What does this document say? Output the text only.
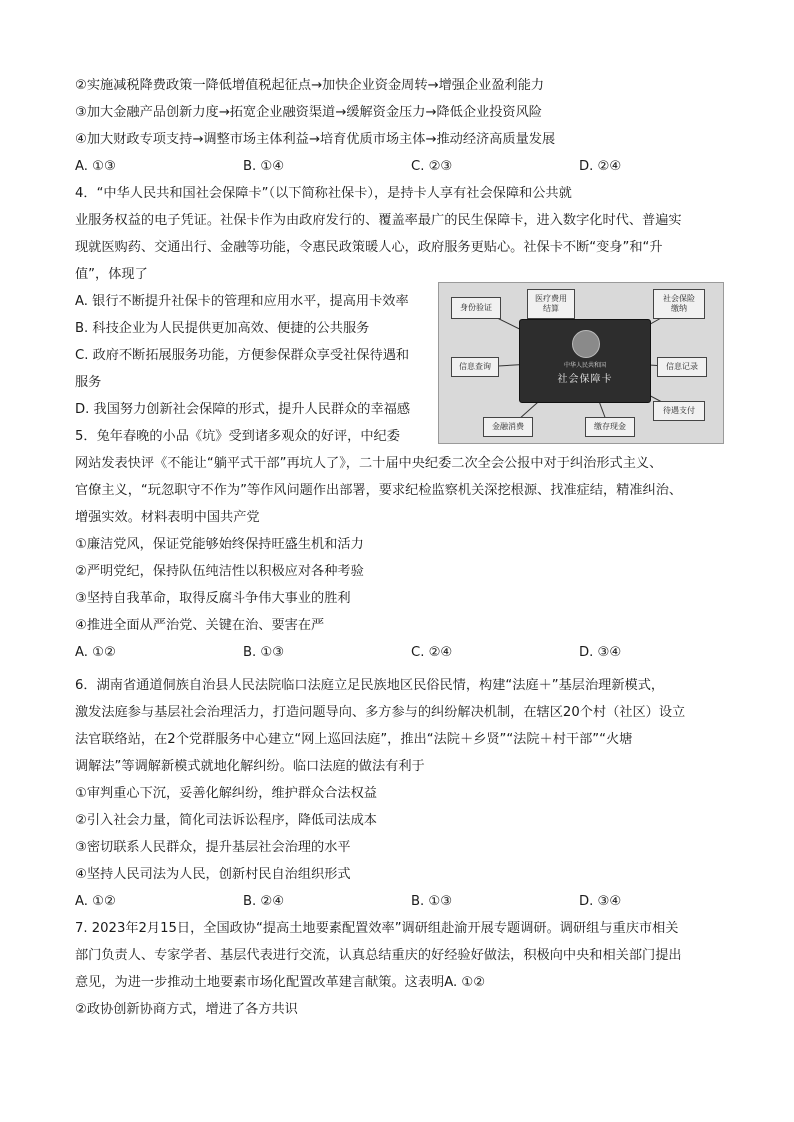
②实施减税降费政策一降低增值税起征点→加快企业资金周转→增强企业盈利能力
③加大金融产品创新力度→拓宽企业融资渠道→缓解资金压力→降低企业投资风险
④加大财政专项支持→调整市场主体利益→培育优质市场主体→推动经济高质量发展
A. ①③	B. ①④	C. ②③	D. ②④
4．“中华人民共和国社会保障卡”（以下简称社保卡），是持卡人享有社会保障和公共就
业服务权益的电子凭证。社保卡作为由政府发行的、覆盖率最广的民生保障卡，进入数字化时代、普遍实
现就医购药、交通出行、金融等功能，令惠民政策暖人心，政府服务更贴心。社保卡不断“变身”和“升
值”，体现了
A. 银行不断提升社保卡的管理和应用水平，提高用卡效率
B. 科技企业为人民提供更加高效、便捷的公共服务
C. 政府不断拓展服务功能，方便参保群众享受社保待遇和
服务
D. 我国努力创新社会保障的形式，提升人民群众的幸福感
5．兔年春晚的小品《坑》受到诸多观众的好评，中纪委
身份验证
医疗费用
结算
社会保险
缴纳
信息查询	信息记录
待遇支付
金融消费	缴存现金
中华人民共和国
社会保障卡
网站发表快评《不能让“躺平式干部”再坑人了》，二十届中央纪委二次全会公报中对于纠治形式主义、
官僚主义，“玩忽职守不作为”等作风问题作出部署，要求纪检监察机关深挖根源、找准症结，精准纠治、
增强实效。材料表明中国共产党
①廉洁党风，保证党能够始终保持旺盛生机和活力
②严明党纪，保持队伍纯洁性以积极应对各种考验
③坚持自我革命，取得反腐斗争伟大事业的胜利
④推进全面从严治党、关键在治、要害在严
A. ①②	B. ①③	C. ②④	D. ③④
6．湖南省通道侗族自治县人民法院临口法庭立足民族地区民俗民情，构建“法庭＋”基层治理新模式，
激发法庭参与基层社会治理活力，打造问题导向、多方参与的纠纷解决机制，在辖区20个村（社区）设立
法官联络站，在2个党群服务中心建立“网上巡回法庭”，推出“法院＋乡贤”“法院＋村干部”“火塘
调解法”等调解新模式就地化解纠纷。临口法庭的做法有利于
①审判重心下沉，妥善化解纠纷，维护群众合法权益
②引入社会力量，简化司法诉讼程序，降低司法成本
③密切联系人民群众，提升基层社会治理的水平
④坚持人民司法为人民，创新村民自治组织形式
A. ①②	B. ②④	B. ①③	D. ③④
7. 2023年2月15日，全国政协“提高土地要素配置效率”调研组赴渝开展专题调研。调研组与重庆市相关
部门负责人、专家学者、基层代表进行交流，认真总结重庆的好经验好做法，积极向中央和相关部门提出
意见，为进一步推动土地要素市场化配置改革建言献策。这表明A. ①②
②政协创新协商方式，增进了各方共识
